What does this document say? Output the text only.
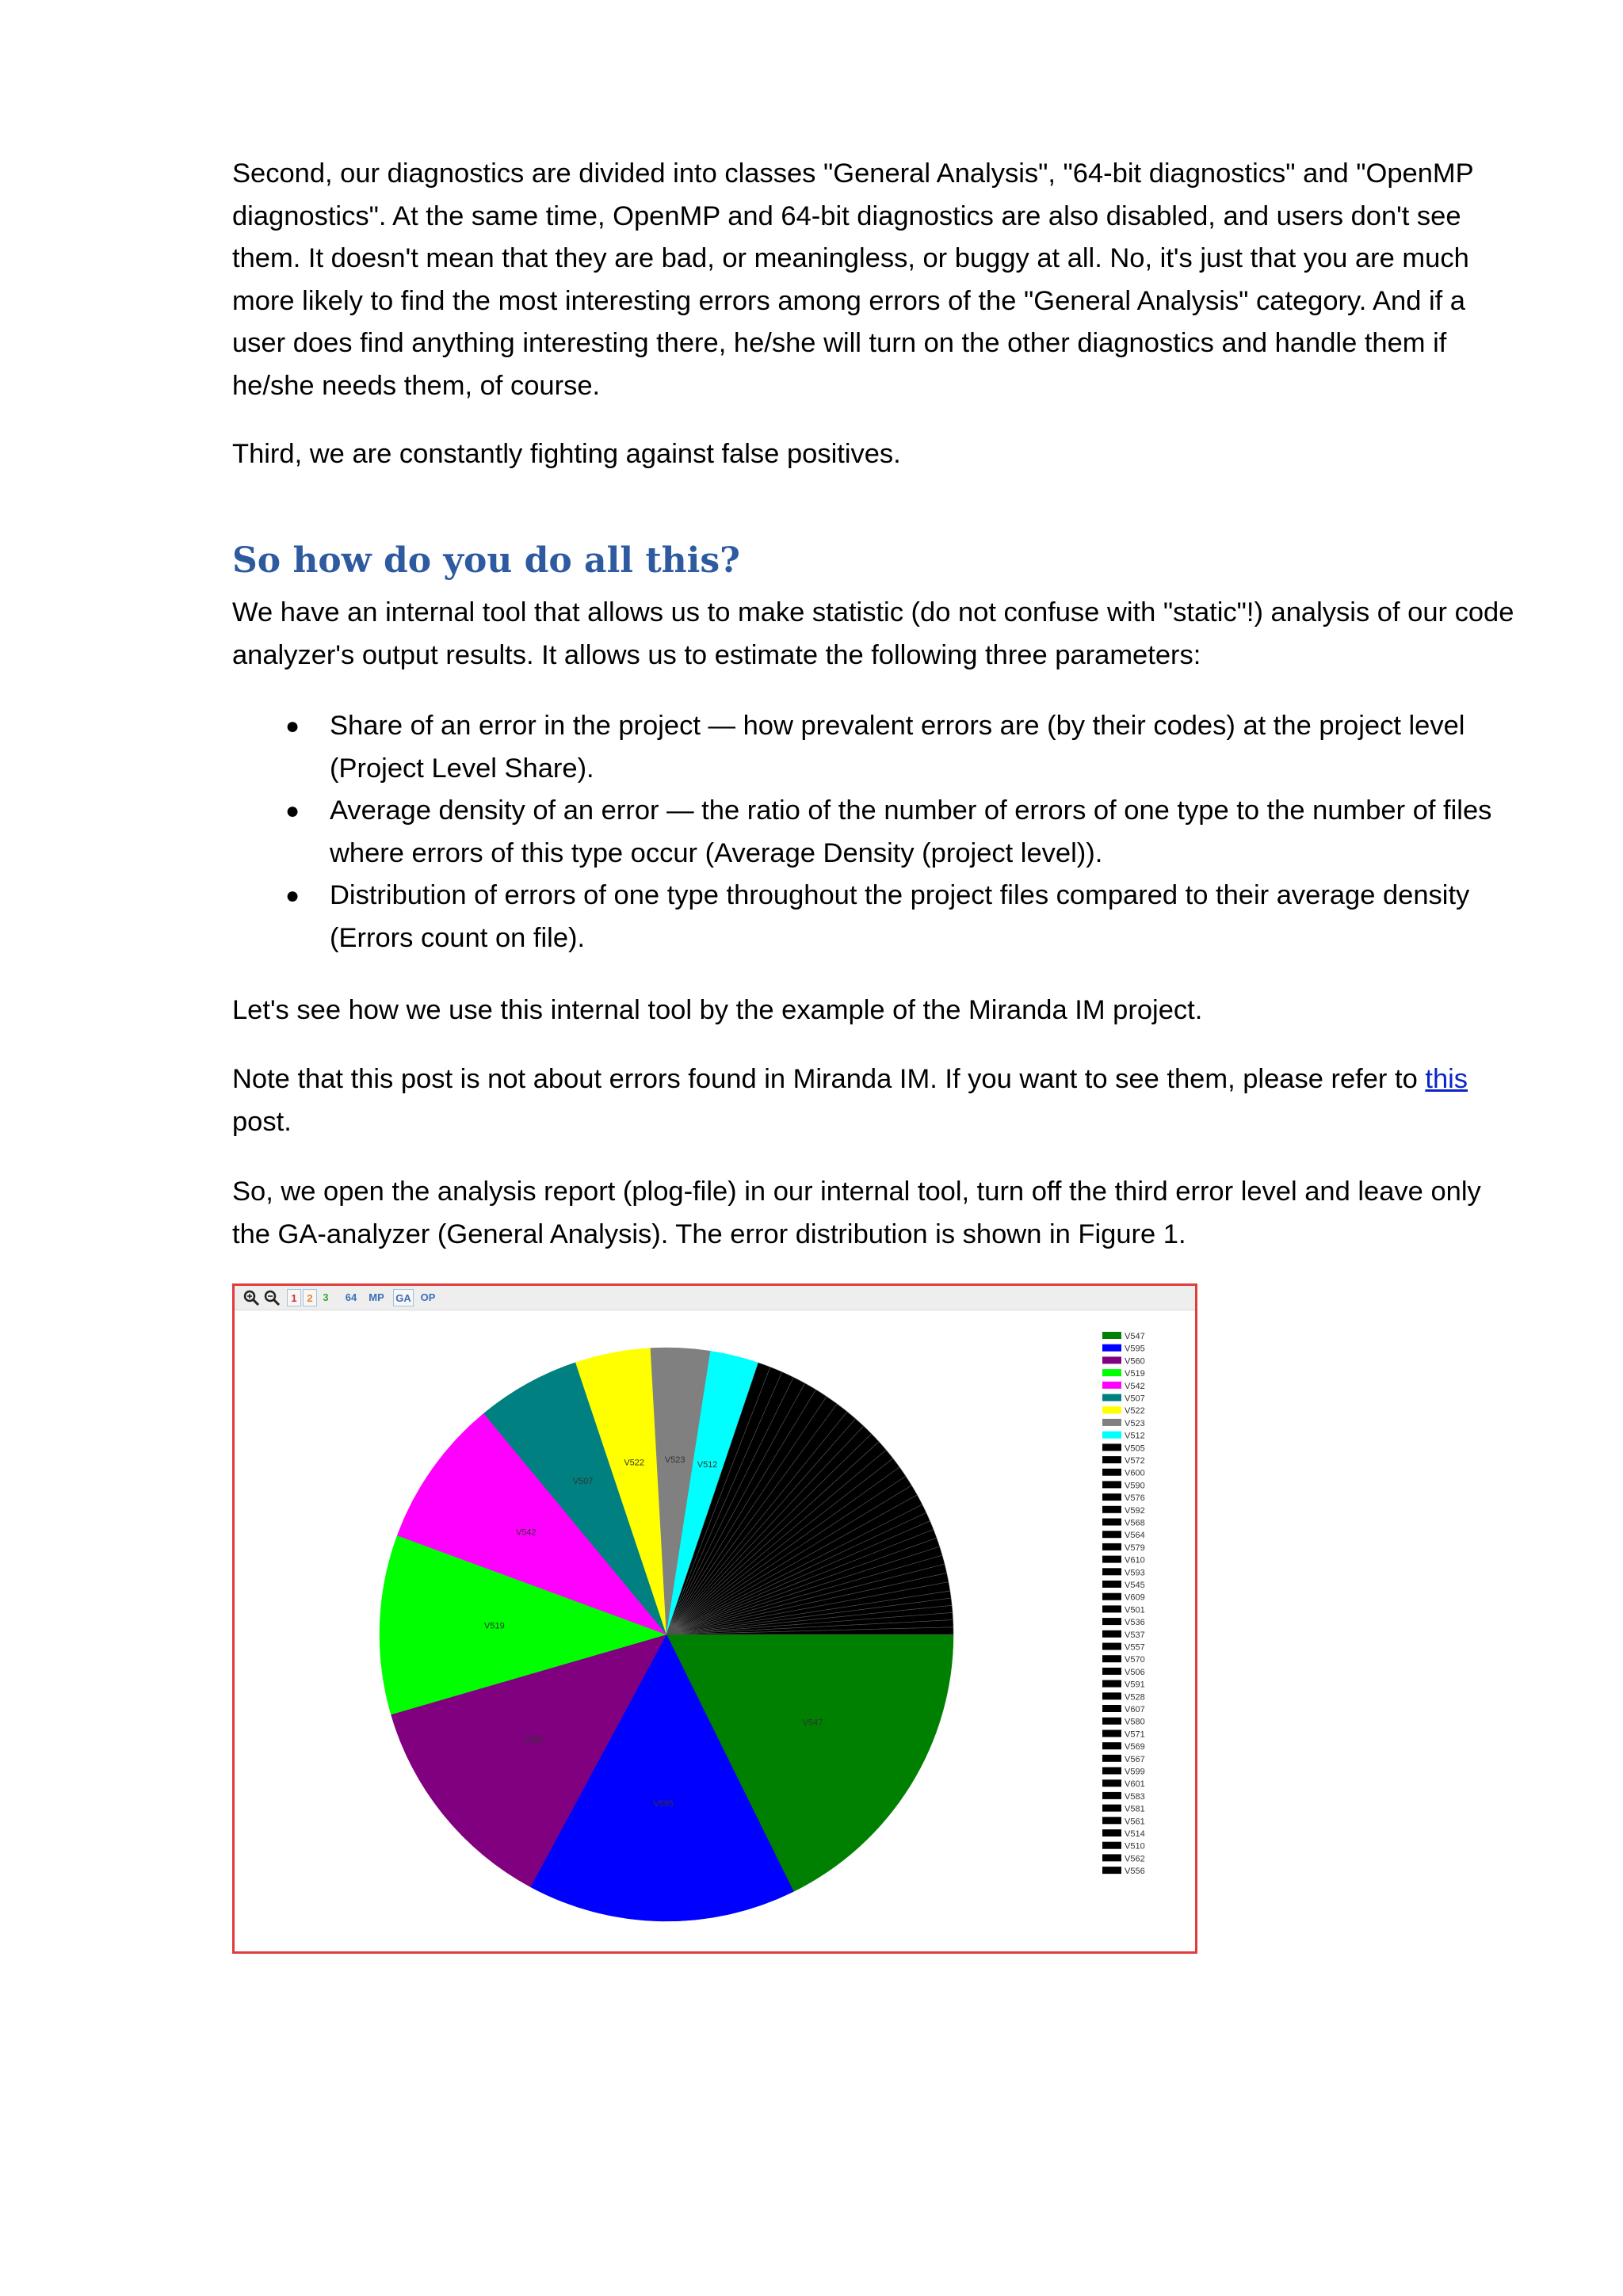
Second, our diagnostics are divided into classes "General Analysis", "64-bit diagnostics" and "OpenMP diagnostics". At the same time, OpenMP and 64-bit diagnostics are also disabled, and users don't see them. It doesn't mean that they are bad, or meaningless, or buggy at all. No, it's just that you are much more likely to find the most interesting errors among errors of the "General Analysis" category. And if a user does find anything interesting there, he/she will turn on the other diagnostics and handle them if he/she needs them, of course.

Third, we are constantly fighting against false positives.

So how do you do all this?

We have an internal tool that allows us to make statistic (do not confuse with "static"!) analysis of our code analyzer's output results. It allows us to estimate the following three parameters:

● Share of an error in the project — how prevalent errors are (by their codes) at the project level (Project Level Share).
● Average density of an error — the ratio of the number of errors of one type to the number of files where errors of this type occur (Average Density (project level)).
● Distribution of errors of one type throughout the project files compared to their average density (Errors count on file).

Let's see how we use this internal tool by the example of the Miranda IM project.

Note that this post is not about errors found in Miranda IM. If you want to see them, please refer to this post.

So, we open the analysis report (plog-file) in our internal tool, turn off the third error level and leave only the GA-analyzer (General Analysis). The error distribution is shown in Figure 1.

1 2 3 64 MP GA OP
V547
V595
V560
V519
V542
V507
V522 V523 V512
V547
V595
V560
V519
V542
V507
V522
V523
V512
V505
V572
V600
V590
V576
V592
V568
V564
V579
V610
V593
V545
V609
V501
V536
V537
V557
V570
V506
V591
V528
V607
V580
V571
V569
V567
V599
V601
V583
V581
V561
V514
V510
V562
V556
